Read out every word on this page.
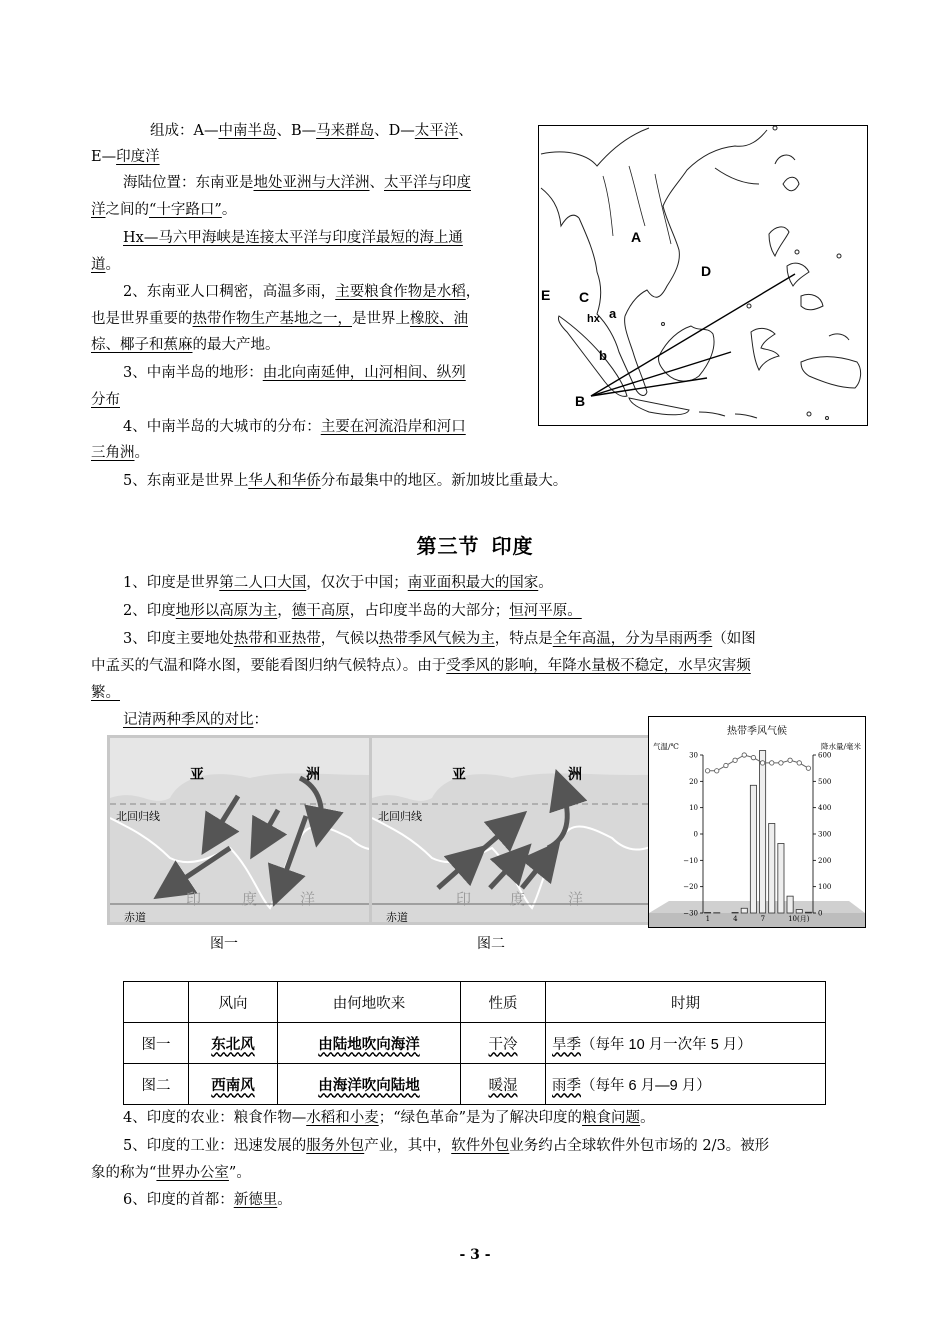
组成：A—中南半岛、B—马来群岛、D—太平洋、
E—印度洋
海陆位置：东南亚是地处亚洲与大洋洲、太平洋与印度
洋之间的“十字路口”。
Hx—马六甲海峡是连接太平洋与印度洋最短的海上通
道。
2、东南亚人口稠密，高温多雨，主要粮食作物是水稻，
也是世界重要的热带作物生产基地之一，是世界上橡胶、油
棕、椰子和蕉麻的最大产地。
3、中南半岛的地形：由北向南延伸，山河相间、纵列
分布
4、中南半岛的大城市的分布：主要在河流沿岸和河口
三角洲。
5、东南亚是世界上华人和华侨分布最集中的地区。新加坡比重最大。
A
D
C
a
hx
b
E
B
第三节 印度
1、印度是世界第二人口大国，仅次于中国；南亚面积最大的国家。
2、印度地形以高原为主，德干高原，占印度半岛的大部分；恒河平原。
3、印度主要地处热带和亚热带，气候以热带季风气候为主，特点是全年高温，分为旱雨两季（如图
中孟买的气温和降水图，要能看图归纳气候特点）。由于受季风的影响，年降水量极不稳定，水旱灾害频
繁。
记清两种季风的对比：
亚	洲
北回归线
赤道
印	度	洋
图一
亚	洲
北回归线
赤道
印	度	洋
图二
热带季风气候
气温/℃	降水量/毫米
30
20
10
0
−10
−20
−30
600
500
400
300
200
100
0
1	4	7	10(月)
	风向	由何地吹来	性质	时期
图一	东北风	由陆地吹向海洋	干冷	旱季（每年 10 月一次年 5 月）
图二	西南风	由海洋吹向陆地	暖湿	雨季（每年 6 月—9 月）
4、印度的农业：粮食作物—水稻和小麦；“绿色革命”是为了解决印度的粮食问题。
5、印度的工业：迅速发展的服务外包产业，其中，软件外包业务约占全球软件外包市场的 2/3。被形
象的称为“世界办公室”。
6、印度的首都：新德里。
- 3 -
